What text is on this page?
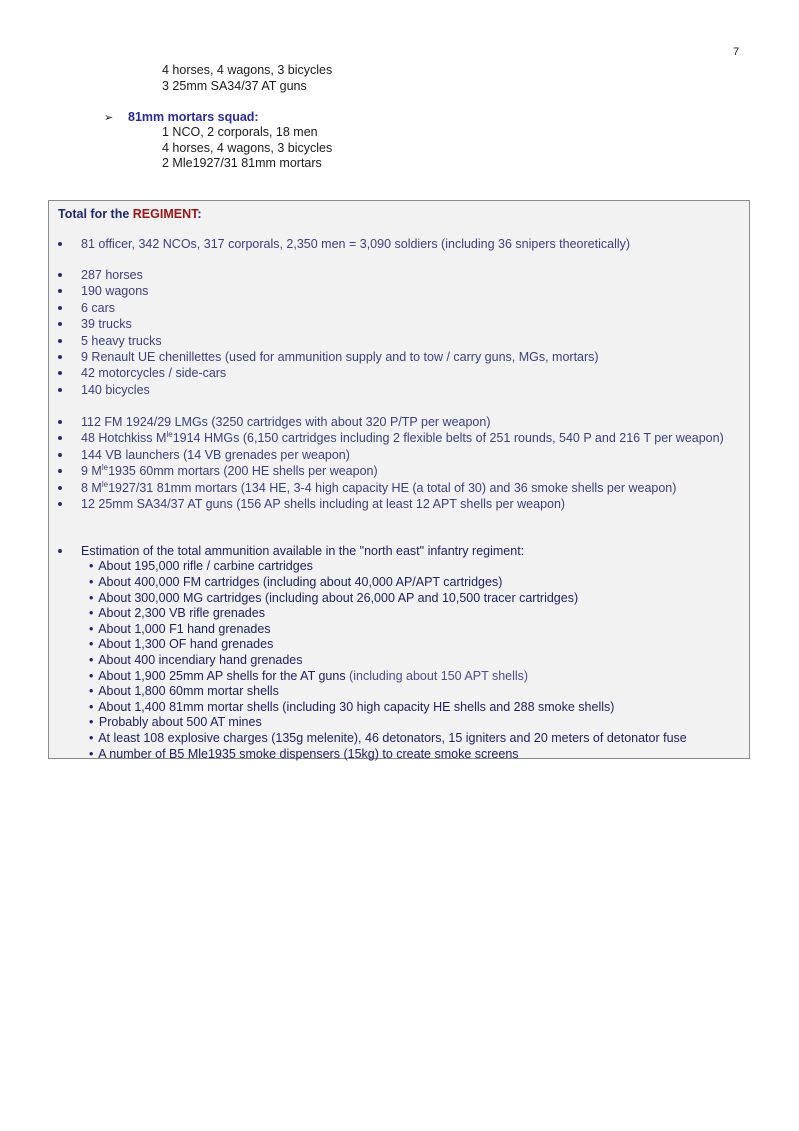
7
4 horses, 4 wagons, 3 bicycles
3 25mm SA34/37 AT guns
➢	81mm mortars squad:
1 NCO, 2 corporals, 18 men
4 horses, 4 wagons, 3 bicycles
2 Mle1927/31 81mm mortars
Total for the REGIMENT:
81 officer, 342 NCOs, 317 corporals, 2,350 men = 3,090 soldiers (including 36 snipers theoretically)
287 horses
190 wagons
6 cars
39 trucks
5 heavy trucks
9 Renault UE chenillettes (used for ammunition supply and to tow / carry guns, MGs, mortars)
42 motorcycles / side-cars
140 bicycles
112 FM 1924/29 LMGs (3250 cartridges with about 320 P/TP per weapon)
48 Hotchkiss $M^{le}1914$ HMGs (6,150 cartridges including 2 flexible belts of 251 rounds, 540 P and 216 T per weapon)
144 VB launchers (14 VB grenades per weapon)
9 $M^{le}1935$ 60mm mortars (200 HE shells per weapon)
8 $M^{le}1927/31$ 81mm mortars (134 HE, 3-4 high capacity HE (a total of 30) and 36 smoke shells per weapon)
12 25mm SA34/37 AT guns (156 AP shells including at least 12 APT shells per weapon)
Estimation of the total ammunition available in the "north east" infantry regiment:
• About 195,000 rifle / carbine cartridges
• About 400,000 FM cartridges (including about 40,000 AP/APT cartridges)
• About 300,000 MG cartridges (including about 26,000 AP and 10,500 tracer cartridges)
• About 2,300 VB rifle grenades
• About 1,000 F1 hand grenades
• About 1,300 OF hand grenades
• About 400 incendiary hand grenades
• About 1,900 25mm AP shells for the AT guns (including about 150 APT shells)
• About 1,800 60mm mortar shells
• About 1,400 81mm mortar shells (including 30 high capacity HE shells and 288 smoke shells)
• Probably about 500 AT mines
• At least 108 explosive charges (135g melenite), 46 detonators, 15 igniters and 20 meters of detonator fuse
• A number of B5 Mle1935 smoke dispensers (15kg) to create smoke screens
